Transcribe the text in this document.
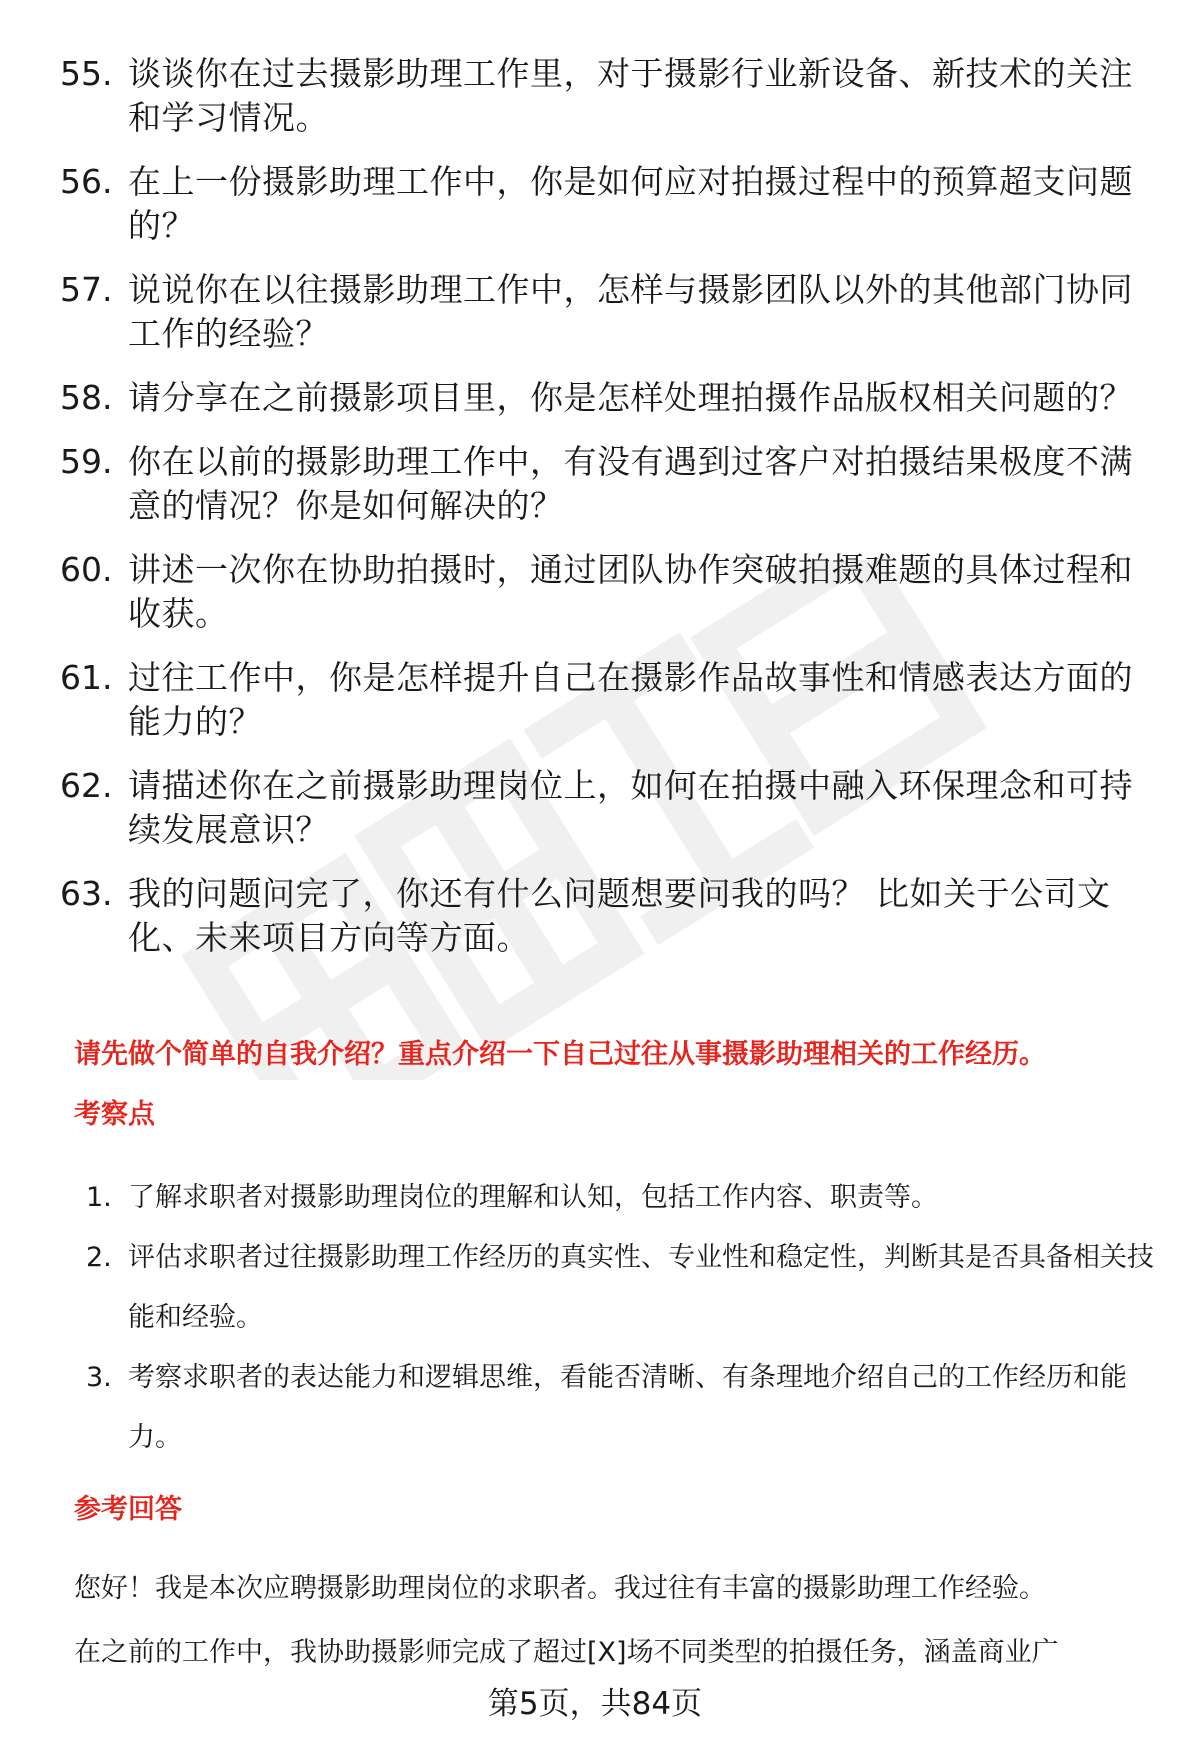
55. 谈谈你在过去摄影助理工作里，对于摄影行业新设备、新技术的关注和学习情况。
56. 在上一份摄影助理工作中，你是如何应对拍摄过程中的预算超支问题的？
57. 说说你在以往摄影助理工作中，怎样与摄影团队以外的其他部门协同工作的经验？
58. 请分享在之前摄影项目里，你是怎样处理拍摄作品版权相关问题的？
59. 你在以前的摄影助理工作中，有没有遇到过客户对拍摄结果极度不满意的情况？你是如何解决的？
60. 讲述一次你在协助拍摄时，通过团队协作突破拍摄难题的具体过程和收获。
61. 过往工作中，你是怎样提升自己在摄影作品故事性和情感表达方面的能力的？
62. 请描述你在之前摄影助理岗位上，如何在拍摄中融入环保理念和可持续发展意识？
63. 我的问题问完了，你还有什么问题想要问我的吗？ 比如关于公司文化、未来项目方向等方面。
请先做个简单的自我介绍？重点介绍一下自己过往从事摄影助理相关的工作经历。
考察点
1. 了解求职者对摄影助理岗位的理解和认知，包括工作内容、职责等。
2. 评估求职者过往摄影助理工作经历的真实性、专业性和稳定性，判断其是否具备相关技能和经验。
3. 考察求职者的表达能力和逻辑思维，看能否清晰、有条理地介绍自己的工作经历和能力。
参考回答
您好！我是本次应聘摄影助理岗位的求职者。我过往有丰富的摄影助理工作经验。
在之前的工作中，我协助摄影师完成了超过[X]场不同类型的拍摄任务，涵盖商业广
第5页，共84页
